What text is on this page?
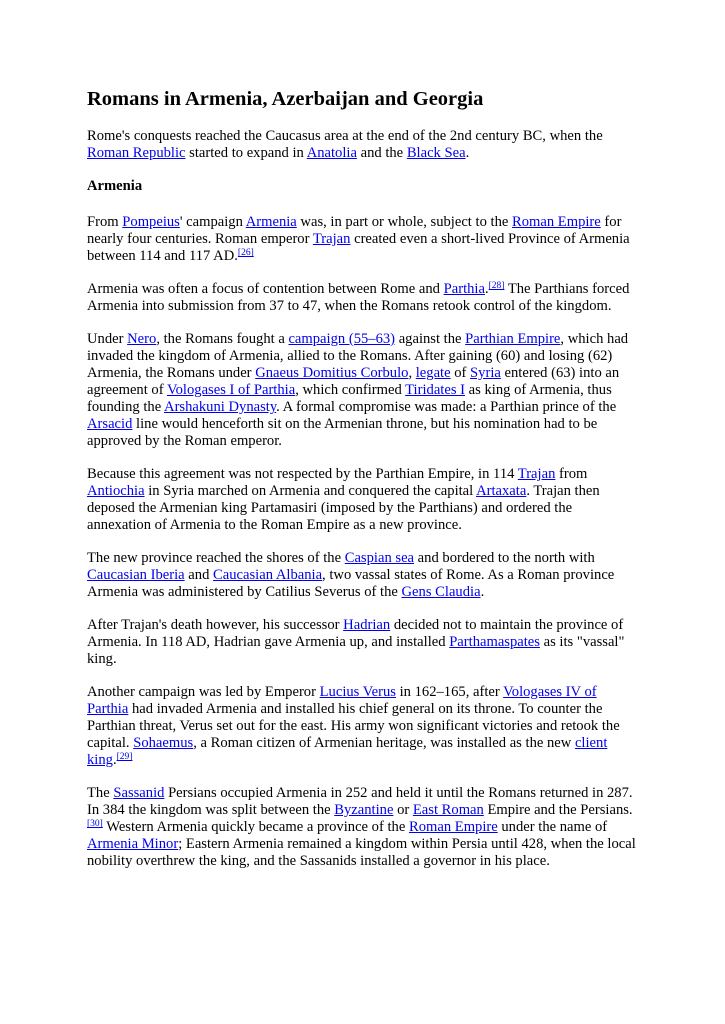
Romans in Armenia, Azerbaijan and Georgia

Rome's conquests reached the Caucasus area at the end of the 2nd century BC, when the Roman Republic started to expand in Anatolia and the Black Sea.

Armenia

From Pompeius' campaign Armenia was, in part or whole, subject to the Roman Empire for nearly four centuries. Roman emperor Trajan created even a short-lived Province of Armenia between 114 and 117 AD.[26]

Armenia was often a focus of contention between Rome and Parthia.[28] The Parthians forced Armenia into submission from 37 to 47, when the Romans retook control of the kingdom.

Under Nero, the Romans fought a campaign (55–63) against the Parthian Empire, which had invaded the kingdom of Armenia, allied to the Romans. After gaining (60) and losing (62) Armenia, the Romans under Gnaeus Domitius Corbulo, legate of Syria entered (63) into an agreement of Vologases I of Parthia, which confirmed Tiridates I as king of Armenia, thus founding the Arshakuni Dynasty. A formal compromise was made: a Parthian prince of the Arsacid line would henceforth sit on the Armenian throne, but his nomination had to be approved by the Roman emperor.

Because this agreement was not respected by the Parthian Empire, in 114 Trajan from Antiochia in Syria marched on Armenia and conquered the capital Artaxata. Trajan then deposed the Armenian king Partamasiri (imposed by the Parthians) and ordered the annexation of Armenia to the Roman Empire as a new province.

The new province reached the shores of the Caspian sea and bordered to the north with Caucasian Iberia and Caucasian Albania, two vassal states of Rome. As a Roman province Armenia was administered by Catilius Severus of the Gens Claudia.

After Trajan's death however, his successor Hadrian decided not to maintain the province of Armenia. In 118 AD, Hadrian gave Armenia up, and installed Parthamaspates as its "vassal" king.

Another campaign was led by Emperor Lucius Verus in 162–165, after Vologases IV of Parthia had invaded Armenia and installed his chief general on its throne. To counter the Parthian threat, Verus set out for the east. His army won significant victories and retook the capital. Sohaemus, a Roman citizen of Armenian heritage, was installed as the new client king.[29]

The Sassanid Persians occupied Armenia in 252 and held it until the Romans returned in 287. In 384 the kingdom was split between the Byzantine or East Roman Empire and the Persians.[30] Western Armenia quickly became a province of the Roman Empire under the name of Armenia Minor; Eastern Armenia remained a kingdom within Persia until 428, when the local nobility overthrew the king, and the Sassanids installed a governor in his place.
